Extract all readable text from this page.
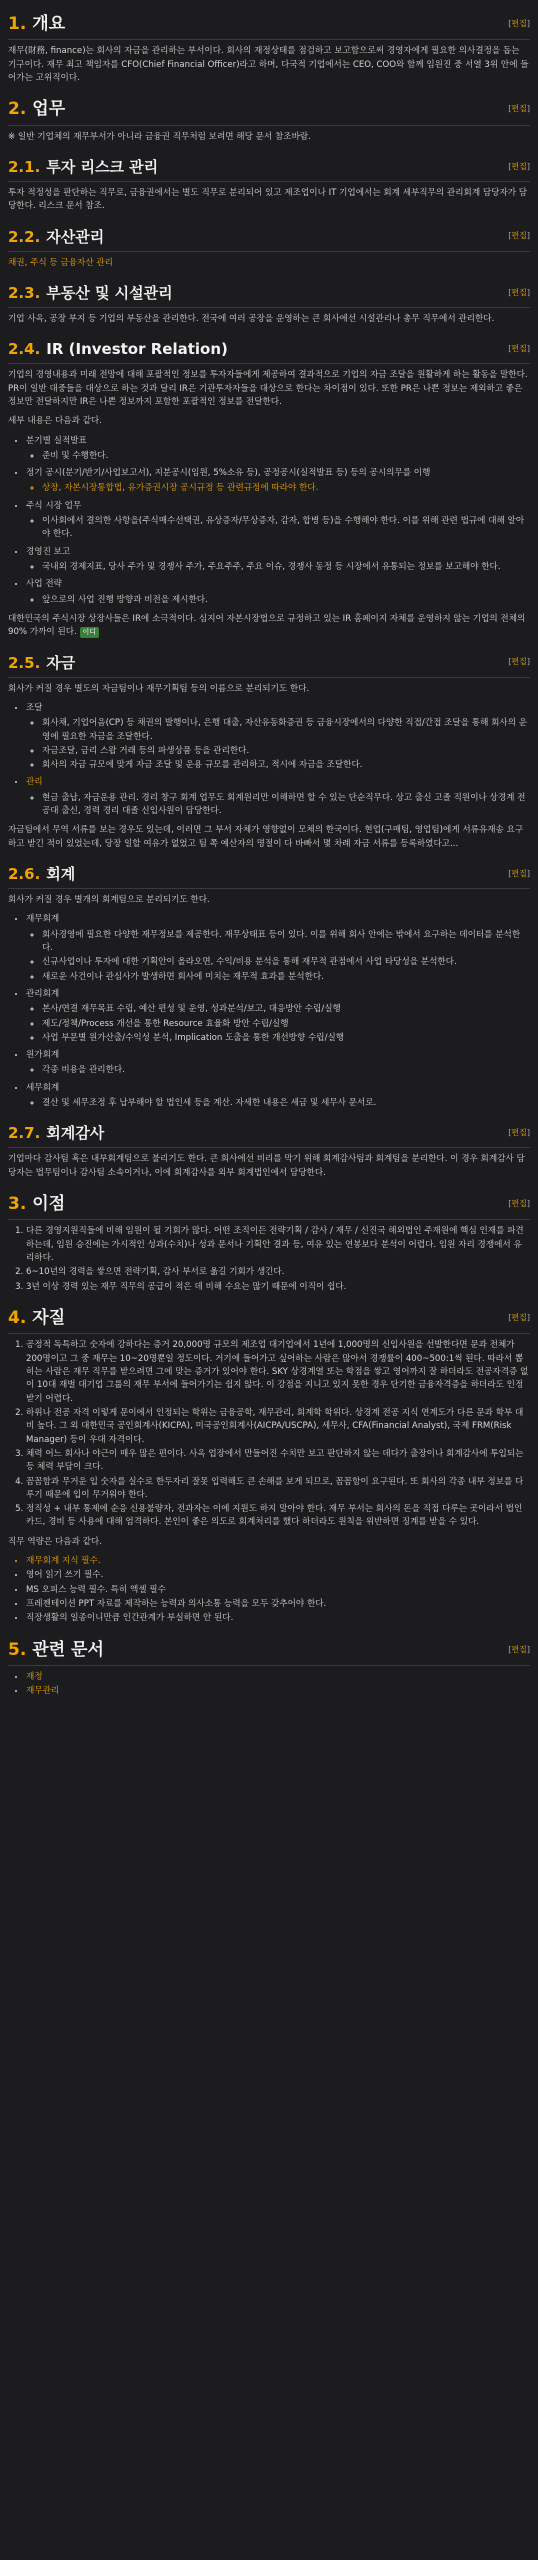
1. 개요	[ 편집 ]

재무(財務, finance)는 회사의 자금을 관리하는 부서이다. 회사의 재정상태를 점검하고 보고함으로써 경영자에게 필요한 의사결정을 돕는 기구이다. 재무 최고 책임자를 CFO(Chief Financial Officer)라고 하며, 다국적 기업에서는 CEO, COO와 함께 임원진 중 서열 3위 안에 들어가는 고위직이다.

2. 업무	[ 편집 ]

※ 일반 기업체의 재무부서가 아니라 금융권 직무처럼 보려면 해당 문서 참조바람.

2.1. 투자 리스크 관리	[ 편집 ]

투자 적정성을 판단하는 직무로, 금융권에서는 별도 직무로 분리되어 있고 제조업이나 IT 기업에서는 회계 세부직무의 관리회계 담당자가 담당한다. 리스크 문서 참조.

2.2. 자산관리	[ 편집 ]

채권, 주식 등 금융자산 관리

2.3. 부동산 및 시설관리	[ 편집 ]

기업 사옥, 공장 부지 등 기업의 부동산을 관리한다. 전국에 여러 공장을 운영하는 큰 회사에선 시설관리나 총무 직무에서 관리한다.

2.4. IR (Investor Relation)	[ 편집 ]

기업의 경영내용과 미래 전망에 대해 포괄적인 정보를 투자자들에게 제공하여 결과적으로 기업의 자금 조달을 원활하게 하는 활동을 말한다. PR이 일반 대중들을 대상으로 하는 것과 달리 IR은 기관투자자들을 대상으로 한다는 차이점이 있다. 또한 PR은 나쁜 정보는 제외하고 좋은 정보만 전달하지만 IR은 나쁜 정보까지 포함한 포괄적인 정보를 전달한다.

세부 내용은 다음과 같다.

• 분기별 실적발표
◦ 준비 및 수행한다.
• 정기 공시(분기/반기/사업보고서), 지분공시(임원, 5%소유 등), 공정공시(실적발표 등) 등의 공시의무를 이행
◦ 상장, 자본시장통합법, 유가증권시장 공시규정 등 관련규정에 따라야 한다.
• 주식 시장 업무
◦ 이사회에서 결의한 사항을(주식매수선택권, 유상증자/무상증자, 감자, 합병 등)을 수행해야 한다. 이를 위해 관련 법규에 대해 알아야 한다.
• 경영진 보고
◦ 국내외 경제지표, 당사 주가 및 경쟁사 주가, 주요주주, 주요 이슈, 경쟁사 동정 등 시장에서 유통되는 정보를 보고해야 한다.
• 사업 전략
◦ 앞으로의 사업 진행 방향과 비전을 제시한다.

대한민국의 주식시장 상장사들은 IR에 소극적이다. 심지어 자본시장법으로 규정하고 있는 IR 홈페이지 자체를 운영하지 않는 기업의 전체의 90% 가까이 된다. 이디

2.5. 자금	[ 편집 ]

회사가 커질 경우 별도의 자금팀이나 재무기획팀 등의 이름으로 분리되기도 한다.

• 조달
◦ 회사채, 기업어음(CP) 등 채권의 발행이나, 은행 대출, 자산유동화증권 등 금융시장에서의 다양한 직접/간접 조달을 통해 회사의 운영에 필요한 자금을 조달한다.
◦ 자금조달, 금리 스왑 거래 등의 파생상품 등을 관리한다.
◦ 회사의 자금 규모에 맞게 자금 조달 및 운용 규모를 관리하고, 적시에 자금을 조달한다.
• 관리
◦ 현금 출납, 자금운용 관리. 경리 창구 회계 업무도 회계원리만 이해하면 할 수 있는 단순직무다. 상고 출신 고졸 직원이나 상경계 전공대 출신, 경력 경리 대졸 신입사원이 담당한다.

자금팀에서 무역 서류를 보는 경우도 있는데, 이러면 그 부서 자체가 영향없이 모체의 한국이다. 현업(구매팀, 영업팀)에게 서류유재송 요구하고 받긴 적이 있었는데, 당장 일할 여유가 없었고 팀 쪽 예산자의 명절이 다 바빠서 몇 차례 자금 서류를 등록하였다고...

2.6. 회계	[ 편집 ]

회사가 커질 경우 별개의 회계팀으로 분리되기도 한다.

• 재무회계
◦ 회사경영에 필요한 다양한 재무정보를 제공한다. 재무상태표 등이 있다. 이를 위해 회사 안에는 밖에서 요구하는 데이터를 분석한다.
◦ 신규사업이나 투자에 대한 기획안이 올라오면, 수익/비용 분석을 통해 재무적 관점에서 사업 타당성을 분석한다.
◦ 새로운 사건이나 관심사가 발생하면 회사에 미치는 재무적 효과를 분석한다.
• 관리회계
◦ 본사/연결 재무목표 수립, 예산 편성 및 운영, 성과분석/보고, 대응방안 수립/실행
◦ 제도/정책/Process 개선을 통한 Resource 효율화 방안 수립/실행
◦ 사업 부문별 원가산출/수익성 분석, Implication 도출을 통한 개선방향 수립/실행
• 원가회계
◦ 각종 비용을 관리한다.
• 세무회계
◦ 결산 및 세무조정 후 납부해야 할 법인세 등을 계산. 자세한 내용은 세금 및 세무사 문서로.
2.7. 회계감사	[ 편집 ]

기업마다 감사팀 혹은 내부회계팀으로 불리기도 한다. 큰 회사에선 비리를 막기 위해 회계감사팀과 회계팀을 분리한다. 이 경우 회계감사 담당자는 법무팀이나 감사팀 소속이거나, 이에 회계감사를 외부 회계법인에서 담당한다.

3. 이점	[ 편집 ]
1. 다른 경영지원직들에 비해 임원이 될 기회가 많다. 어떤 조직이든 전략기획 / 감사 / 재무 / 신진국 해외법인 주재원에 핵심 인재를 파견하는데, 임원 승진에는 가시적인 성과(수치)나 성과 문서나 기획안 결과 등, 여유 있는 연봉보다 분석이 어렵다. 임원 자리 경쟁에서 유리하다.
2. 6~10년의 경력을 쌓으면 전략기획, 감사 부서로 옮길 기회가 생긴다.
3. 3년 이상 경력 있는 재무 직무의 공급이 적은 데 비해 수요는 많기 때문에 이직이 쉽다.
4. 자질	[ 편집 ]
1. 공정적 독특하고 숫자에 강하다는 증거 20,000명 규모의 제조업 대기업에서 1년에 1,000명의 신입사원을 선발한다면 문과 전체가 200명이고 그 중 재무는 10~20명뿐일 정도이다. 거기에 들어가고 싶어하는 사람은 많아서 경쟁률이 400~500:1씩 된다. 따라서 뽑히는 사람은 재무 직무를 받으려면 그에 맞는 증거가 있어야 한다. SKY 상경계열 또는 학점을 쌓고 영어까지 잘 하더라도 전공자격증 없이 10대 재벌 대기업 그룹의 재무 부서에 들어가기는 쉽지 않다. 이 강점을 지니고 있지 못한 경우 단기한 금융자격증을 하더라도 인정받기 어렵다.
2. 하위나 전공 자격 이렇게 문이에서 인정되는 학위는 금융공학, 재무관리, 회계학 학위다. 상경계 전공 지식 연계도가 다른 문과 학부 대비 높다. 그 외 대한민국 공인회계사(KICPA), 미국공인회계사(AICPA/USCPA), 세무사, CFA(Financial Analyst), 국제 FRM(Risk Manager) 등이 우대 자격이다.
3. 체력 어느 회사나 야근이 매우 많은 편이다. 사옥 업장에서 만들어진 수치만 보고 판단하지 않는 데다가 출장이나 회계감사에 투입되는 등 체력 부담이 크다.
4. 꼼꼼함과 무거운 입 숫자를 실수로 한두자리 잘못 입력해도 큰 손해를 보게 되므로, 꼼꼼함이 요구된다. 또 회사의 각종 내부 정보를 다루기 때문에 입이 무거워야 한다.
5. 정직성 + 내부 통제에 순응 신용불량자, 전과자는 이에 지원도 하지 말아야 한다. 재무 부서는 회사의 돈을 직접 다루는 곳이라서 법인카드, 경비 등 사용에 대해 엄격하다. 본인이 좋은 의도로 회계처리를 했다 하더라도 원칙을 위반하면 징계를 받을 수 있다.

직무 역량은 다음과 같다.

• 재무회계 지식 필수.
• 영어 읽기 쓰기 필수.
• MS 오피스 능력 필수. 특히 엑셀 필수
• 프레젠테이션 PPT 자료를 제작하는 능력과 의사소통 능력을 모두 갖추어야 한다.
• 직장생활의 일종이니만큼 인간관계가 부실하면 안 된다.
5. 관련 문서	[ 편집 ]
• 재정
• 재무관리
